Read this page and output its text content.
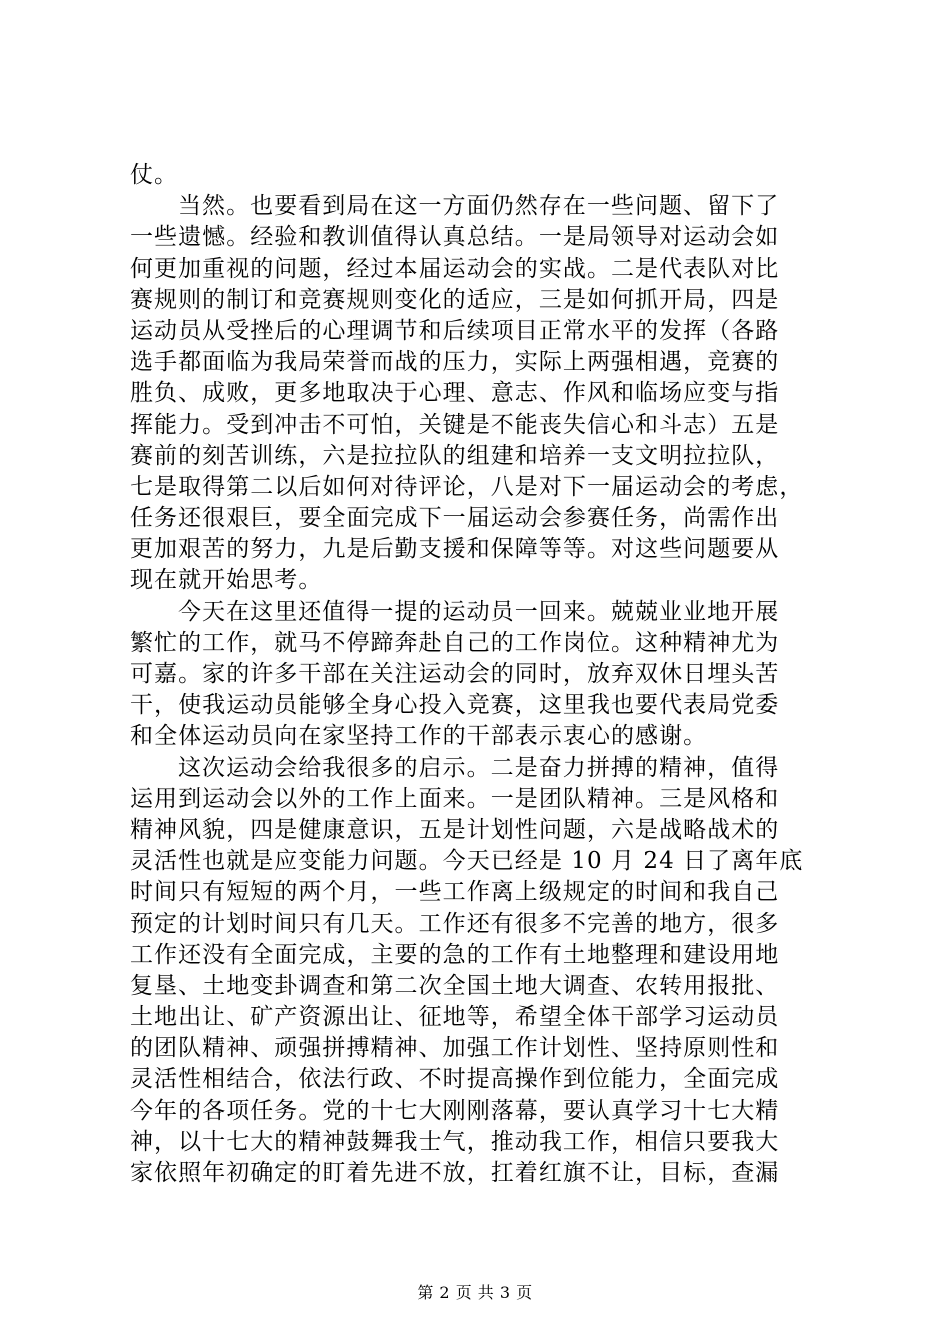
仗。
当然。也要看到局在这一方面仍然存在一些问题、留下了
一些遗憾。经验和教训值得认真总结。一是局领导对运动会如
何更加重视的问题，经过本届运动会的实战。二是代表队对比
赛规则的制订和竞赛规则变化的适应，三是如何抓开局，四是
运动员从受挫后的心理调节和后续项目正常水平的发挥（各路
选手都面临为我局荣誉而战的压力，实际上两强相遇，竞赛的
胜负、成败，更多地取决于心理、意志、作风和临场应变与指
挥能力。受到冲击不可怕，关键是不能丧失信心和斗志）五是
赛前的刻苦训练，六是拉拉队的组建和培养一支文明拉拉队，
七是取得第二以后如何对待评论，八是对下一届运动会的考虑，
任务还很艰巨，要全面完成下一届运动会参赛任务，尚需作出
更加艰苦的努力，九是后勤支援和保障等等。对这些问题要从
现在就开始思考。
今天在这里还值得一提的运动员一回来。兢兢业业地开展
繁忙的工作，就马不停蹄奔赴自己的工作岗位。这种精神尤为
可嘉。家的许多干部在关注运动会的同时，放弃双休日埋头苦
干，使我运动员能够全身心投入竞赛，这里我也要代表局党委
和全体运动员向在家坚持工作的干部表示衷心的感谢。
这次运动会给我很多的启示。二是奋力拼搏的精神，值得
运用到运动会以外的工作上面来。一是团队精神。三是风格和
精神风貌，四是健康意识，五是计划性问题，六是战略战术的
灵活性也就是应变能力问题。今天已经是 10 月 24 日了离年底
时间只有短短的两个月，一些工作离上级规定的时间和我自己
预定的计划时间只有几天。工作还有很多不完善的地方，很多
工作还没有全面完成，主要的急的工作有土地整理和建设用地
复垦、土地变卦调查和第二次全国土地大调查、农转用报批、
土地出让、矿产资源出让、征地等，希望全体干部学习运动员
的团队精神、顽强拼搏精神、加强工作计划性、坚持原则性和
灵活性相结合，依法行政、不时提高操作到位能力，全面完成
今年的各项任务。党的十七大刚刚落幕，要认真学习十七大精
神，以十七大的精神鼓舞我士气，推动我工作，相信只要我大
家依照年初确定的盯着先进不放，扛着红旗不让，目标，查漏
第 2 页 共 3 页
